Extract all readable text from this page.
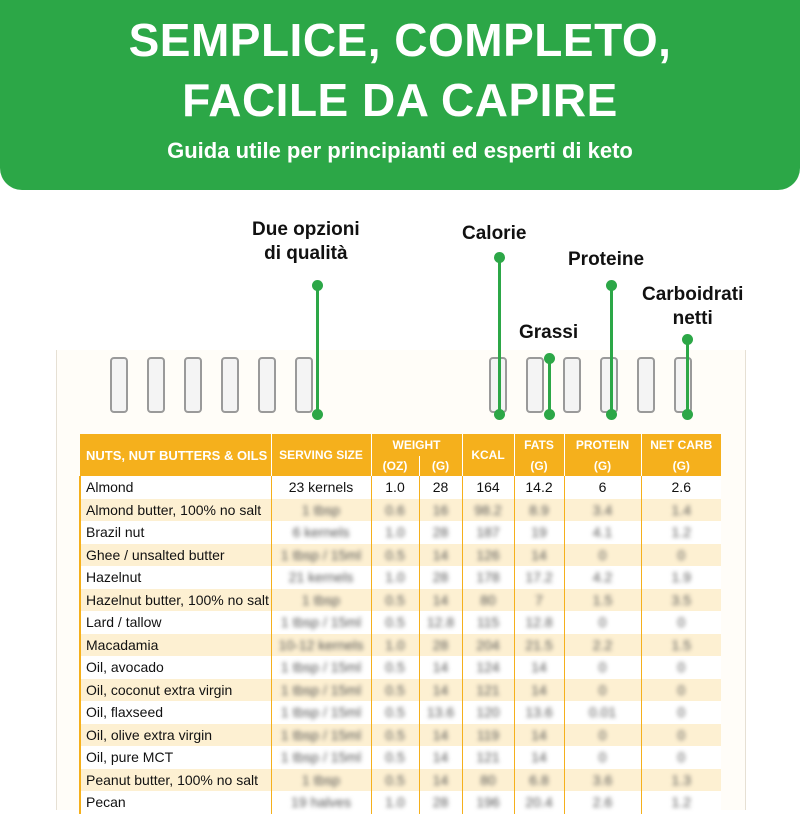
SEMPLICE, COMPLETO,
FACILE DA CAPIRE
Guida utile per principianti ed esperti di keto
Due opzioni
di qualità
Calorie
Grassi
Proteine
Carboidrati
netti
NUTS, NUT BUTTERS & OILS	SERVING SIZE	WEIGHT		KCAL	FATS	PROTEIN	NET CARB
		(OZ)	(G)		(G)	(G)	(G)
Almond	23 kernels	1.0	28	164	14.2	6	2.6
Almond butter, 100% no salt	1 tbsp	0.6	16	98.2	8.9	3.4	1.4
Brazil nut	6 kernels	1.0	28	187	19	4.1	1.2
Ghee / unsalted butter	1 tbsp / 15ml	0.5	14	126	14	0	0
Hazelnut	21 kernels	1.0	28	178	17.2	4.2	1.9
Hazelnut butter, 100% no salt	1 tbsp	0.5	14	80	7	1.5	3.5
Lard / tallow	1 tbsp / 15ml	0.5	12.8	115	12.8	0	0
Macadamia	10-12 kernels	1.0	28	204	21.5	2.2	1.5
Oil, avocado	1 tbsp / 15ml	0.5	14	124	14	0	0
Oil, coconut extra virgin	1 tbsp / 15ml	0.5	14	121	14	0	0
Oil, flaxseed	1 tbsp / 15ml	0.5	13.6	120	13.6	0.01	0
Oil, olive extra virgin	1 tbsp / 15ml	0.5	14	119	14	0	0
Oil, pure MCT	1 tbsp / 15ml	0.5	14	121	14	0	0
Peanut butter, 100% no salt	1 tbsp	0.5	14	80	6.8	3.6	1.3
Pecan	19 halves	1.0	28	196	20.4	2.6	1.2
